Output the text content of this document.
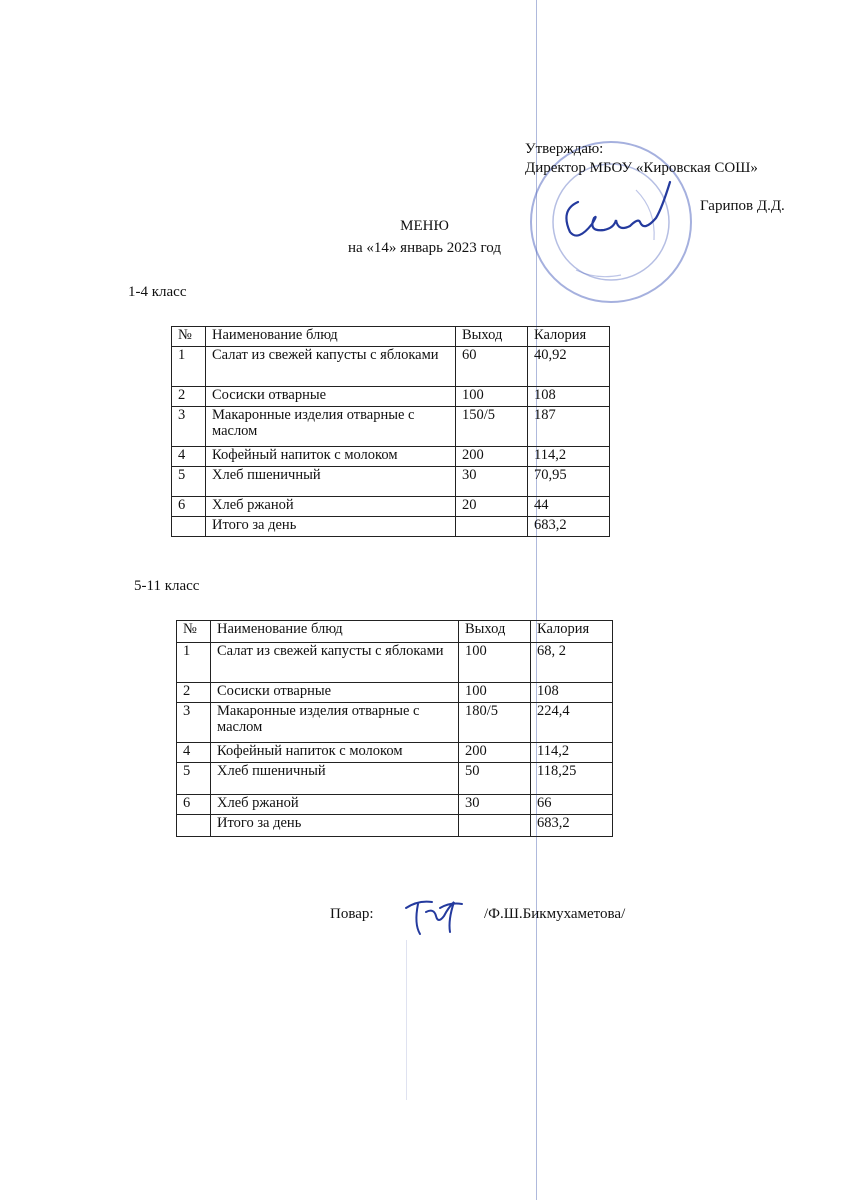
Утверждаю:
Директор МБОУ «Кировская СОШ»
Гарипов Д.Д.
МЕНЮ
на «14» январь 2023 год
1-4 класс
№	Наименование блюд	Выход	Калория
1	Салат из свежей капусты с яблоками	60	40,92
2	Сосиски отварные	100	108
3	Макаронные изделия отварные с маслом	150/5	187
4	Кофейный напиток с молоком	200	114,2
5	Хлеб пшеничный	30	70,95
6	Хлеб ржаной	20	44
	Итого за день		683,2
5-11 класс
№	Наименование блюд	Выход	Калория
1	Салат из свежей капусты с яблоками	100	68, 2
2	Сосиски отварные	100	108
3	Макаронные изделия отварные с маслом	180/5	224,4
4	Кофейный напиток с молоком	200	114,2
5	Хлеб пшеничный	50	118,25
6	Хлеб ржаной	30	66
	Итого за день		683,2
Повар:	/Ф.Ш.Бикмухаметова/
